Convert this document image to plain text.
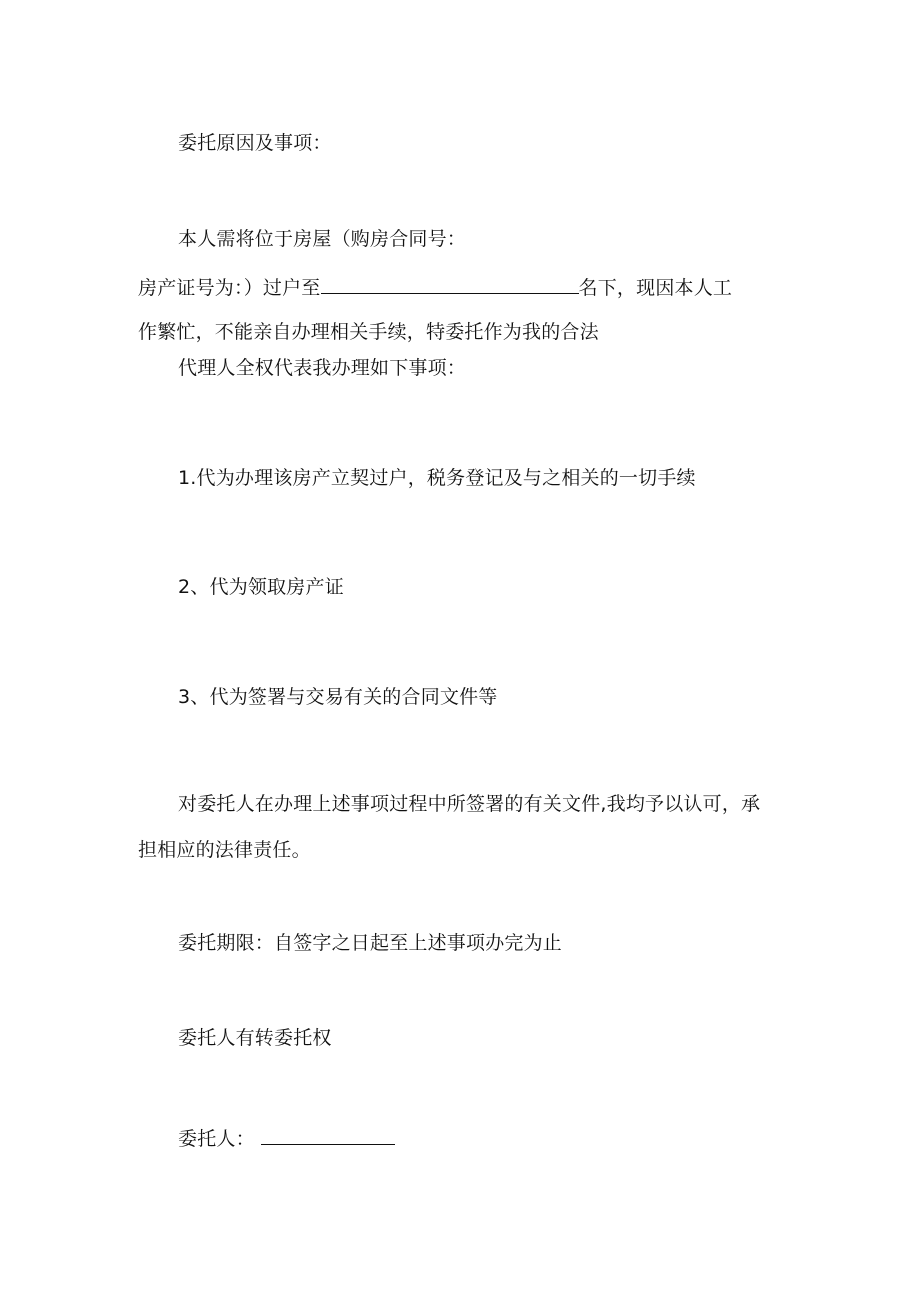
委托原因及事项：
本人需将位于房屋（购房合同号：
房产证号为：）过户至	名下，现因本人工
作繁忙，不能亲自办理相关手续，特委托作为我的合法
代理人全权代表我办理如下事项：
1.代为办理该房产立契过户，税务登记及与之相关的一切手续
2、代为领取房产证
3、代为签署与交易有关的合同文件等
对委托人在办理上述事项过程中所签署的有关文件,我均予以认可，承
担相应的法律责任。
委托期限：自签字之日起至上述事项办完为止
委托人有转委托权
委托人：
